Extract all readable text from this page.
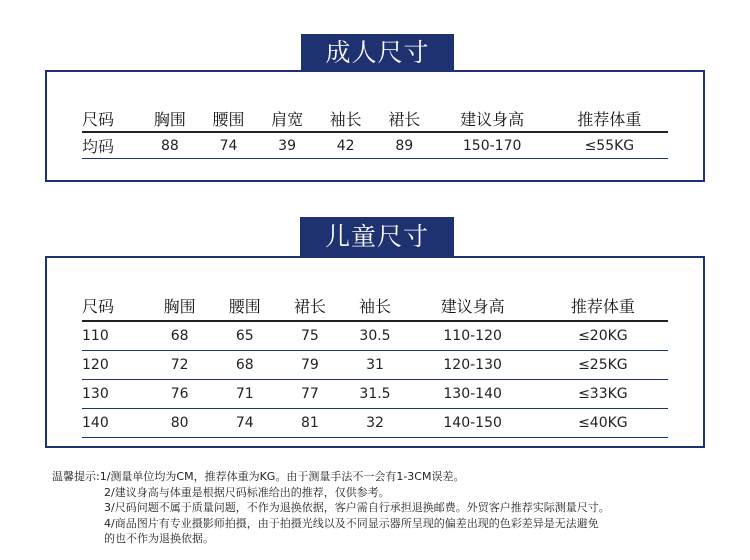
成人尺寸
尺码	胸围	腰围	肩宽	袖长	裙长	建议身高	推荐体重
均码	88	74	39	42	89	150-170	≤55KG
儿童尺寸
尺码	胸围	腰围	裙长	袖长	建议身高	推荐体重
110	68	65	75	30.5	110-120	≤20KG
120	72	68	79	31	120-130	≤25KG
130	76	71	77	31.5	130-140	≤33KG
140	80	74	81	32	140-150	≤40KG
温馨提示:1/测量单位均为CM，推荐体重为KG。由于测量手法不一会有1-3CM误差。
2/建议身高与体重是根据尺码标准给出的推荐，仅供参考。
3/尺码问题不属于质量问题，不作为退换依据，客户需自行承担退换邮费。外贸客户推荐实际测量尺寸。
4/商品图片有专业摄影师拍摄，由于拍摄光线以及不同显示器所呈现的偏差出现的色彩差异是无法避免
的也不作为退换依据。
